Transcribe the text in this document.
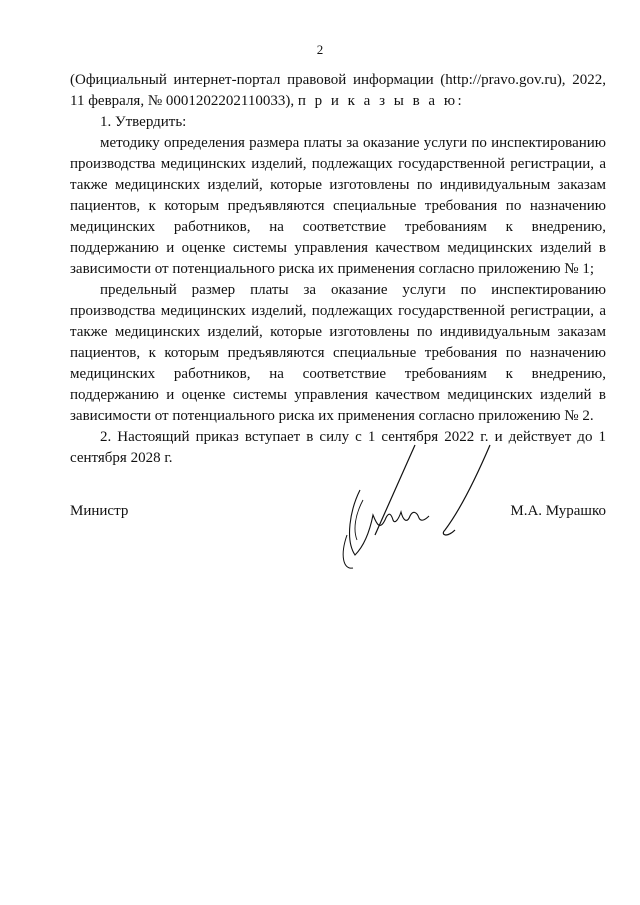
2

(Официальный интернет-портал правовой информации (http://pravo.gov.ru), 2022, 11 февраля, № 0001202202110033), п р и к а з ы в а ю:

1. Утвердить:

методику определения размера платы за оказание услуги по инспектированию производства медицинских изделий, подлежащих государственной регистрации, а также медицинских изделий, которые изготовлены по индивидуальным заказам пациентов, к которым предъявляются специальные требования по назначению медицинских работников, на соответствие требованиям к внедрению, поддержанию и оценке системы управления качеством медицинских изделий в зависимости от потенциального риска их применения согласно приложению № 1;

предельный размер платы за оказание услуги по инспектированию производства медицинских изделий, подлежащих государственной регистрации, а также медицинских изделий, которые изготовлены по индивидуальным заказам пациентов, к которым предъявляются специальные требования по назначению медицинских работников, на соответствие требованиям к внедрению, поддержанию и оценке системы управления качеством медицинских изделий в зависимости от потенциального риска их применения согласно приложению № 2.

2. Настоящий приказ вступает в силу с 1 сентября 2022 г. и действует до 1 сентября 2028 г.

Министр	М.А. Мурашко
